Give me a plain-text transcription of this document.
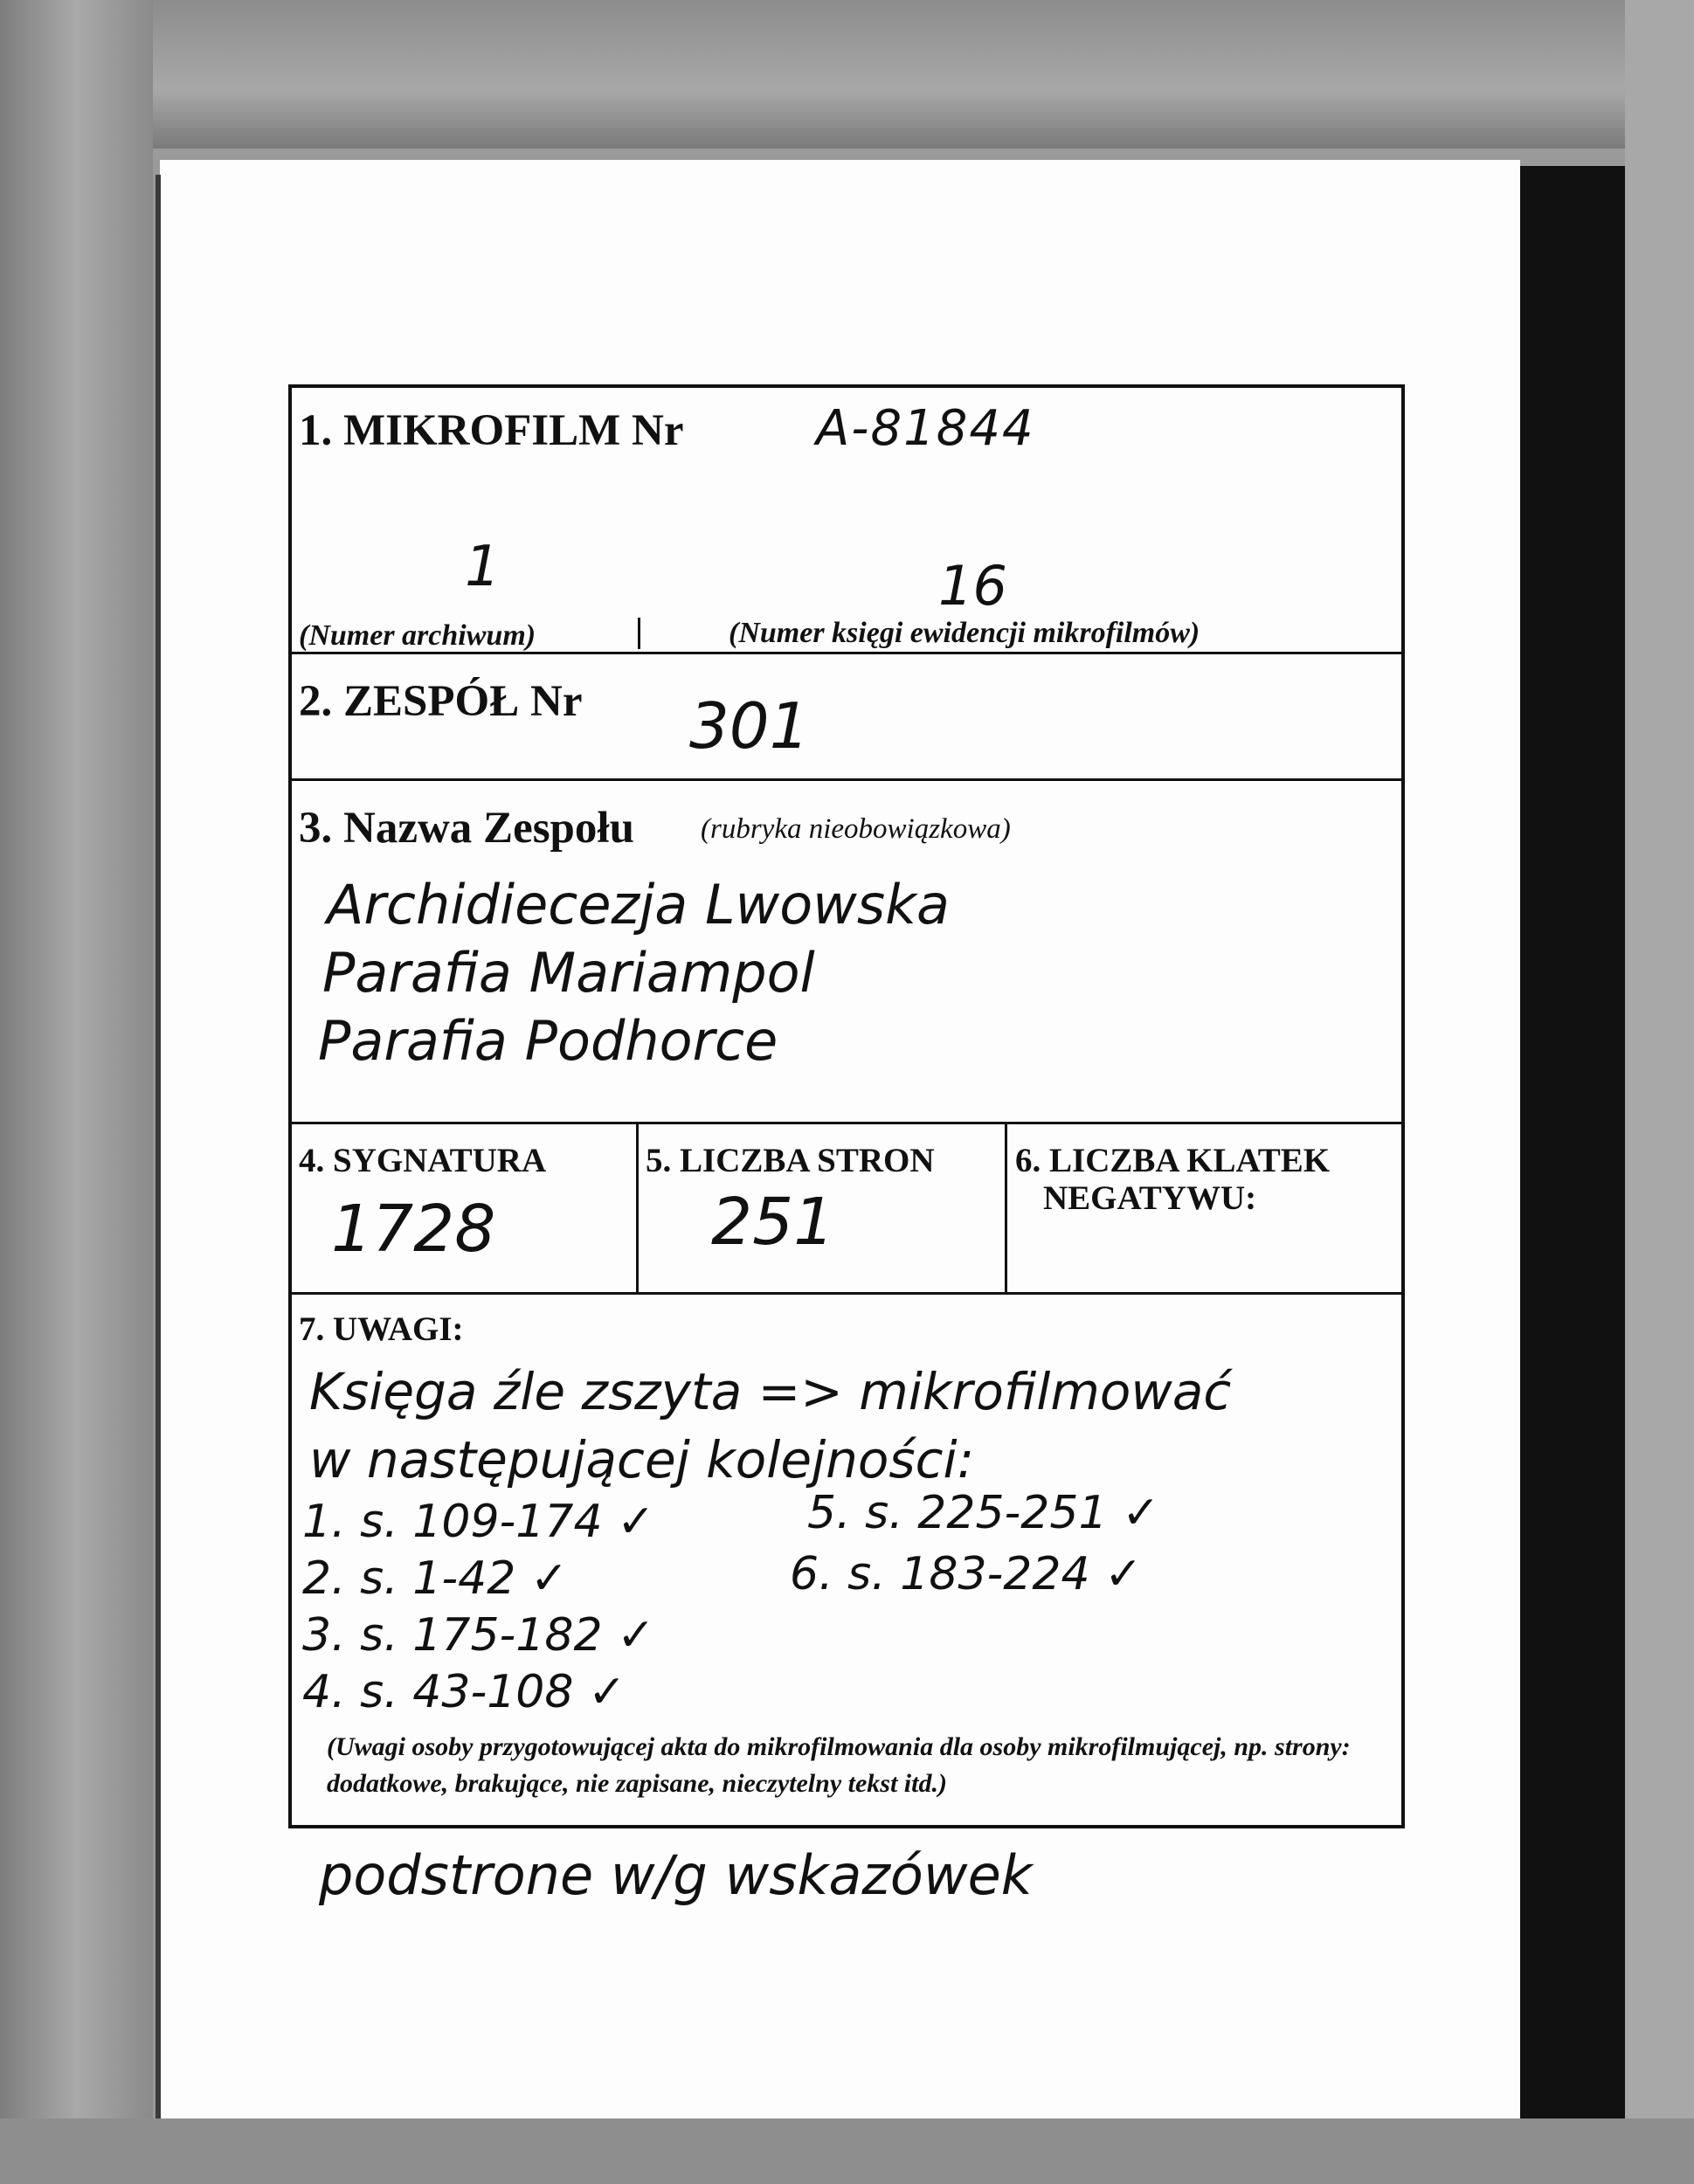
1. MIKROFILM Nr	A-81844
1	16
(Numer archiwum)	(Numer księgi ewidencji mikrofilmów)
2. ZESPÓŁ Nr 301
3. Nazwa Zespołu (rubryka nieobowiązkowa)
Archidiecezja Lwowska
Parafia Mariampol
Parafia Podhorce
4. SYGNATURA
1728
5. LICZBA STRON
251
6. LICZBA KLATEK
NEGATYWU:
7. UWAGI:
Księga źle zszyta => mikrofilmować
w następującej kolejności:
1. s. 109-174 ✓
2. s. 1-42 ✓
3. s. 175-182 ✓
4. s. 43-108 ✓
5. s. 225-251 ✓
6. s. 183-224 ✓
(Uwagi osoby przygotowującej akta do mikrofilmowania dla osoby mikrofilmującej, np. strony: dodatkowe, brakujące, nie zapisane, nieczytelny tekst itd.)
podstrone w/g wskazówek
